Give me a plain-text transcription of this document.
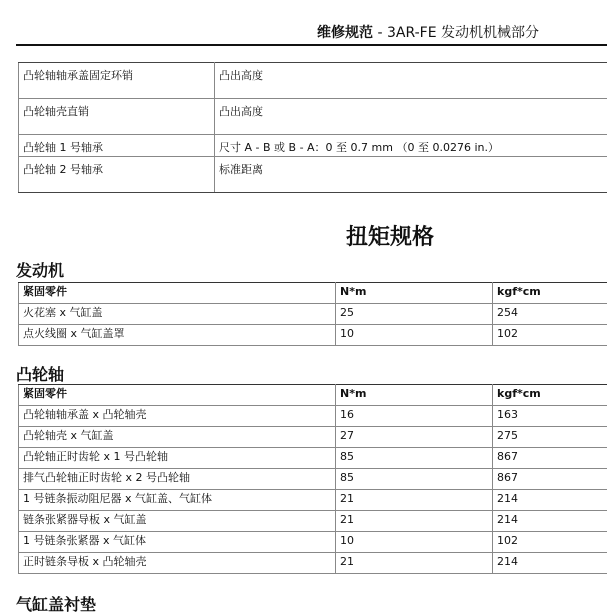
维修规范 - 3AR-FE 发动机机械部分
凸轮轴轴承盖固定环销	凸出高度
凸轮轴壳直销	凸出高度
凸轮轴 1 号轴承	尺寸 A - B 或 B - A：0 至 0.7 mm （0 至 0.0276 in.）
凸轮轴 2 号轴承	标准距离
扭矩规格
发动机
紧固零件	N*m	kgf*cm
火花塞 x 气缸盖	25	254
点火线圈 x 气缸盖罩	10	102
凸轮轴
紧固零件	N*m	kgf*cm
凸轮轴轴承盖 x 凸轮轴壳	16	163
凸轮轴壳 x 气缸盖	27	275
凸轮轴正时齿轮 x 1 号凸轮轴	85	867
排气凸轮轴正时齿轮 x 2 号凸轮轴	85	867
1 号链条振动阻尼器 x 气缸盖、气缸体	21	214
链条张紧器导板 x 气缸盖	21	214
1 号链条张紧器 x 气缸体	10	102
正时链条导板 x 凸轮轴壳	21	214
气缸盖衬垫
